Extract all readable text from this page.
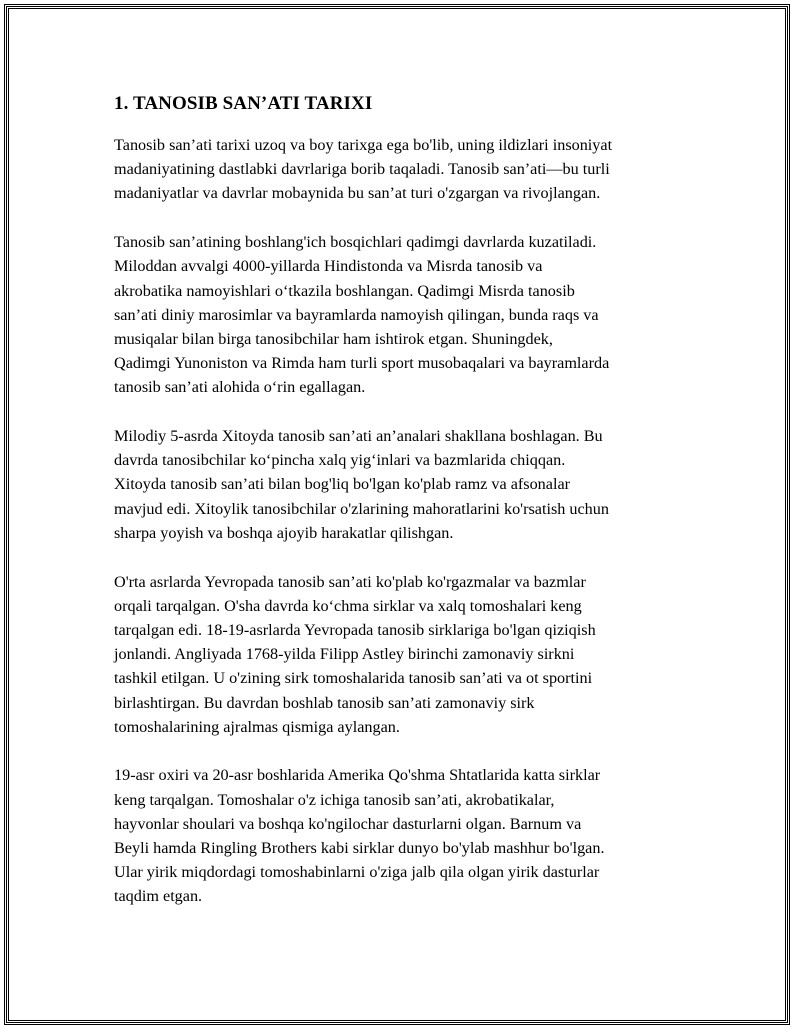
1. TANOSIB SAN’ATI TARIXI

Tanosib san’ati tarixi uzoq va boy tarixga ega bo'lib, uning ildizlari insoniyat
madaniyatining dastlabki davrlariga borib taqaladi. Tanosib san’ati—bu turli
madaniyatlar va davrlar mobaynida bu san’at turi o'zgargan va rivojlangan.

Tanosib san’atining boshlang'ich bosqichlari qadimgi davrlarda kuzatiladi.
Miloddan avvalgi 4000-yillarda Hindistonda va Misrda tanosib va
akrobatika namoyishlari o‘tkazila boshlangan. Qadimgi Misrda tanosib
san’ati diniy marosimlar va bayramlarda namoyish qilingan, bunda raqs va
musiqalar bilan birga tanosibchilar ham ishtirok etgan. Shuningdek,
Qadimgi Yunoniston va Rimda ham turli sport musobaqalari va bayramlarda
tanosib san’ati alohida o‘rin egallagan.

Milodiy 5-asrda Xitoyda tanosib san’ati an’analari shakllana boshlagan. Bu
davrda tanosibchilar ko‘pincha xalq yig‘inlari va bazmlarida chiqqan.
Xitoyda tanosib san’ati bilan bog'liq bo'lgan ko'plab ramz va afsonalar
mavjud edi. Xitoylik tanosibchilar o'zlarining mahoratlarini ko'rsatish uchun
sharpa yoyish va boshqa ajoyib harakatlar qilishgan.

O'rta asrlarda Yevropada tanosib san’ati ko'plab ko'rgazmalar va bazmlar
orqali tarqalgan. O'sha davrda ko‘chma sirklar va xalq tomoshalari keng
tarqalgan edi. 18-19-asrlarda Yevropada tanosib sirklariga bo'lgan qiziqish
jonlandi. Angliyada 1768-yilda Filipp Astley birinchi zamonaviy sirkni
tashkil etilgan. U o'zining sirk tomoshalarida tanosib san’ati va ot sportini
birlashtirgan. Bu davrdan boshlab tanosib san’ati zamonaviy sirk
tomoshalarining ajralmas qismiga aylangan.

19-asr oxiri va 20-asr boshlarida Amerika Qo'shma Shtatlarida katta sirklar
keng tarqalgan. Tomoshalar o'z ichiga tanosib san’ati, akrobatikalar,
hayvonlar shoulari va boshqa ko'ngilochar dasturlarni olgan. Barnum va
Beyli hamda Ringling Brothers kabi sirklar dunyo bo'ylab mashhur bo'lgan.
Ular yirik miqdordagi tomoshabinlarni o'ziga jalb qila olgan yirik dasturlar
taqdim etgan.
